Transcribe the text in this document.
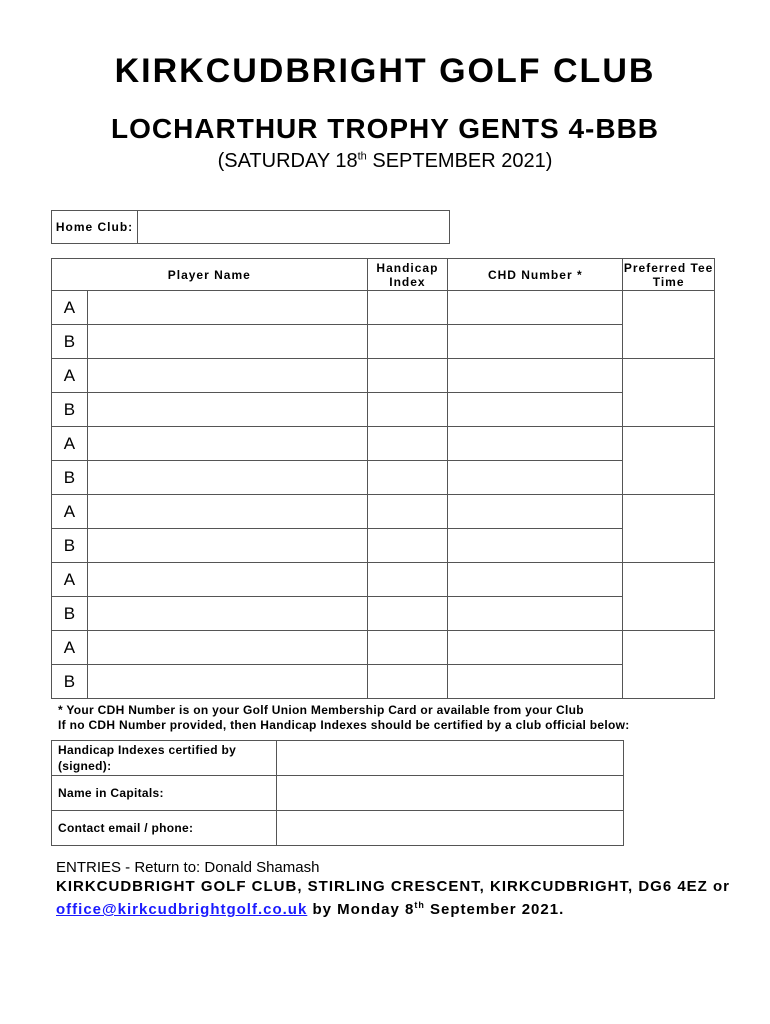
KIRKCUDBRIGHT GOLF CLUB
LOCHARTHUR TROPHY GENTS 4-BBB
(SATURDAY 18th SEPTEMBER 2021)
Home Club:	
Player Name		Handicap Index	CHD Number *	Preferred Tee Time
A				
B				
A				
B				
A				
B				
A				
B				
A				
B				
A				
B				
* Your CDH Number is on your Golf Union Membership Card or available from your Club
If no CDH Number provided, then Handicap Indexes should be certified by a club official below:
Handicap Indexes certified by (signed):	
Name in Capitals:	
Contact email / phone:	
ENTRIES - Return to: Donald Shamash
KIRKCUDBRIGHT GOLF CLUB, STIRLING CRESCENT, KIRKCUDBRIGHT, DG6 4EZ or office@kirkcudbrightgolf.co.uk by Monday 8th September 2021.
